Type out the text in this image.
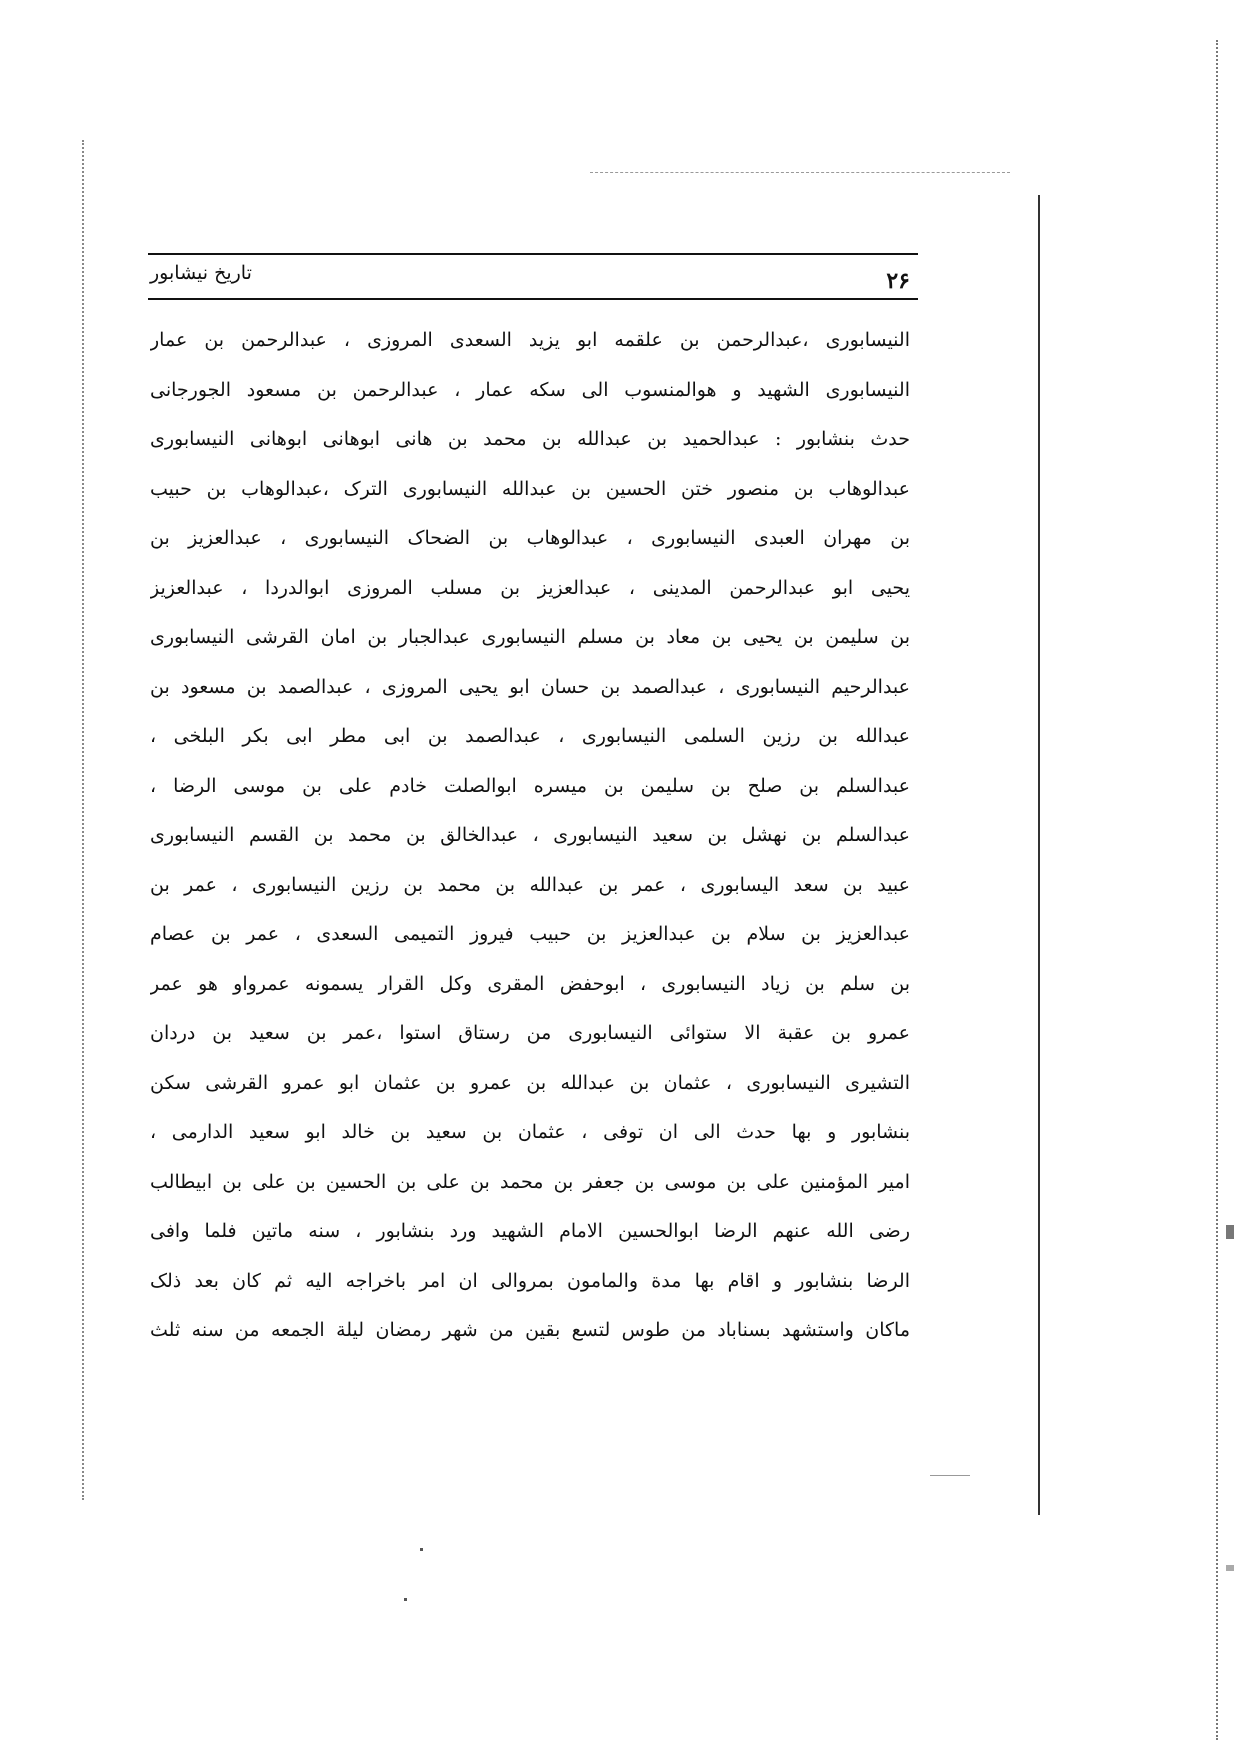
تاریخ نیشابور	۲۶
النیسابوری ،عبدالرحمن بن علقمه ابو یزید السعدی المروزی ، عبدالرحمن بن عمار
النیسابوری الشهید و هوالمنسوب الی سکه عمار ، عبدالرحمن بن مسعود الجورجانی
حدث بنشابور : عبدالحمید بن عبدالله بن محمد بن هانی ابوهانی ابوهانی النیسابوری
عبدالوهاب بن منصور ختن الحسین بن عبدالله النیسابوری الترک ،عبدالوهاب بن حبیب
بن مهران العبدی النیسابوری ، عبدالوهاب بن الضحاک النیسابوری ، عبدالعزیز بن
یحیی ابو عبدالرحمن المدینی ، عبدالعزیز بن مسلب المروزی ابوالدردا ، عبدالعزیز
بن سلیمن بن یحیی بن معاد بن مسلم النیسابوری عبدالجبار بن امان القرشی النیسابوری
عبدالرحیم النیسابوری ، عبدالصمد بن حسان ابو یحیی المروزی ، عبدالصمد بن مسعود بن
عبدالله بن رزین السلمی النیسابوری ، عبدالصمد بن ابی مطر ابی بکر البلخی ،
عبدالسلم بن صلح بن سلیمن بن میسره ابوالصلت خادم علی بن موسی الرضا ،
عبدالسلم بن نهشل بن سعید النیسابوری ، عبدالخالق بن محمد بن القسم النیسابوری
عبید بن سعد الیسابوری ، عمر بن عبدالله بن محمد بن رزین النیسابوری ، عمر بن
عبدالعزیز بن سلام بن عبدالعزیز بن حبیب فیروز التمیمی السعدی ، عمر بن عصام
بن سلم بن زیاد النیسابوری ، ابوحفض المقری وکل القرار یسمونه عمرواو هو عمر
عمرو بن عقبة الا ستوائی النیسابوری من رستاق استوا ،عمر بن سعید بن دردان
التشیری النیسابوری ، عثمان بن عبدالله بن عمرو بن عثمان ابو عمرو القرشی سکن
بنشابور و بها حدث الی ان توفی ، عثمان بن سعید بن خالد ابو سعید الدارمی ،
امیر المؤمنین علی بن موسی بن جعفر بن محمد بن علی بن الحسین بن علی بن ابیطالب
رضی الله عنهم الرضا ابوالحسین الامام الشهید ورد بنشابور ، سنه ماتین فلما وافی
الرضا بنشابور و اقام بها مدة والمامون بمروالی ان امر باخراجه الیه ثم کان بعد ذلک
ماکان واستشهد بسناباد من طوس لتسع بقین من شهر رمضان لیلة الجمعه من سنه ثلث
